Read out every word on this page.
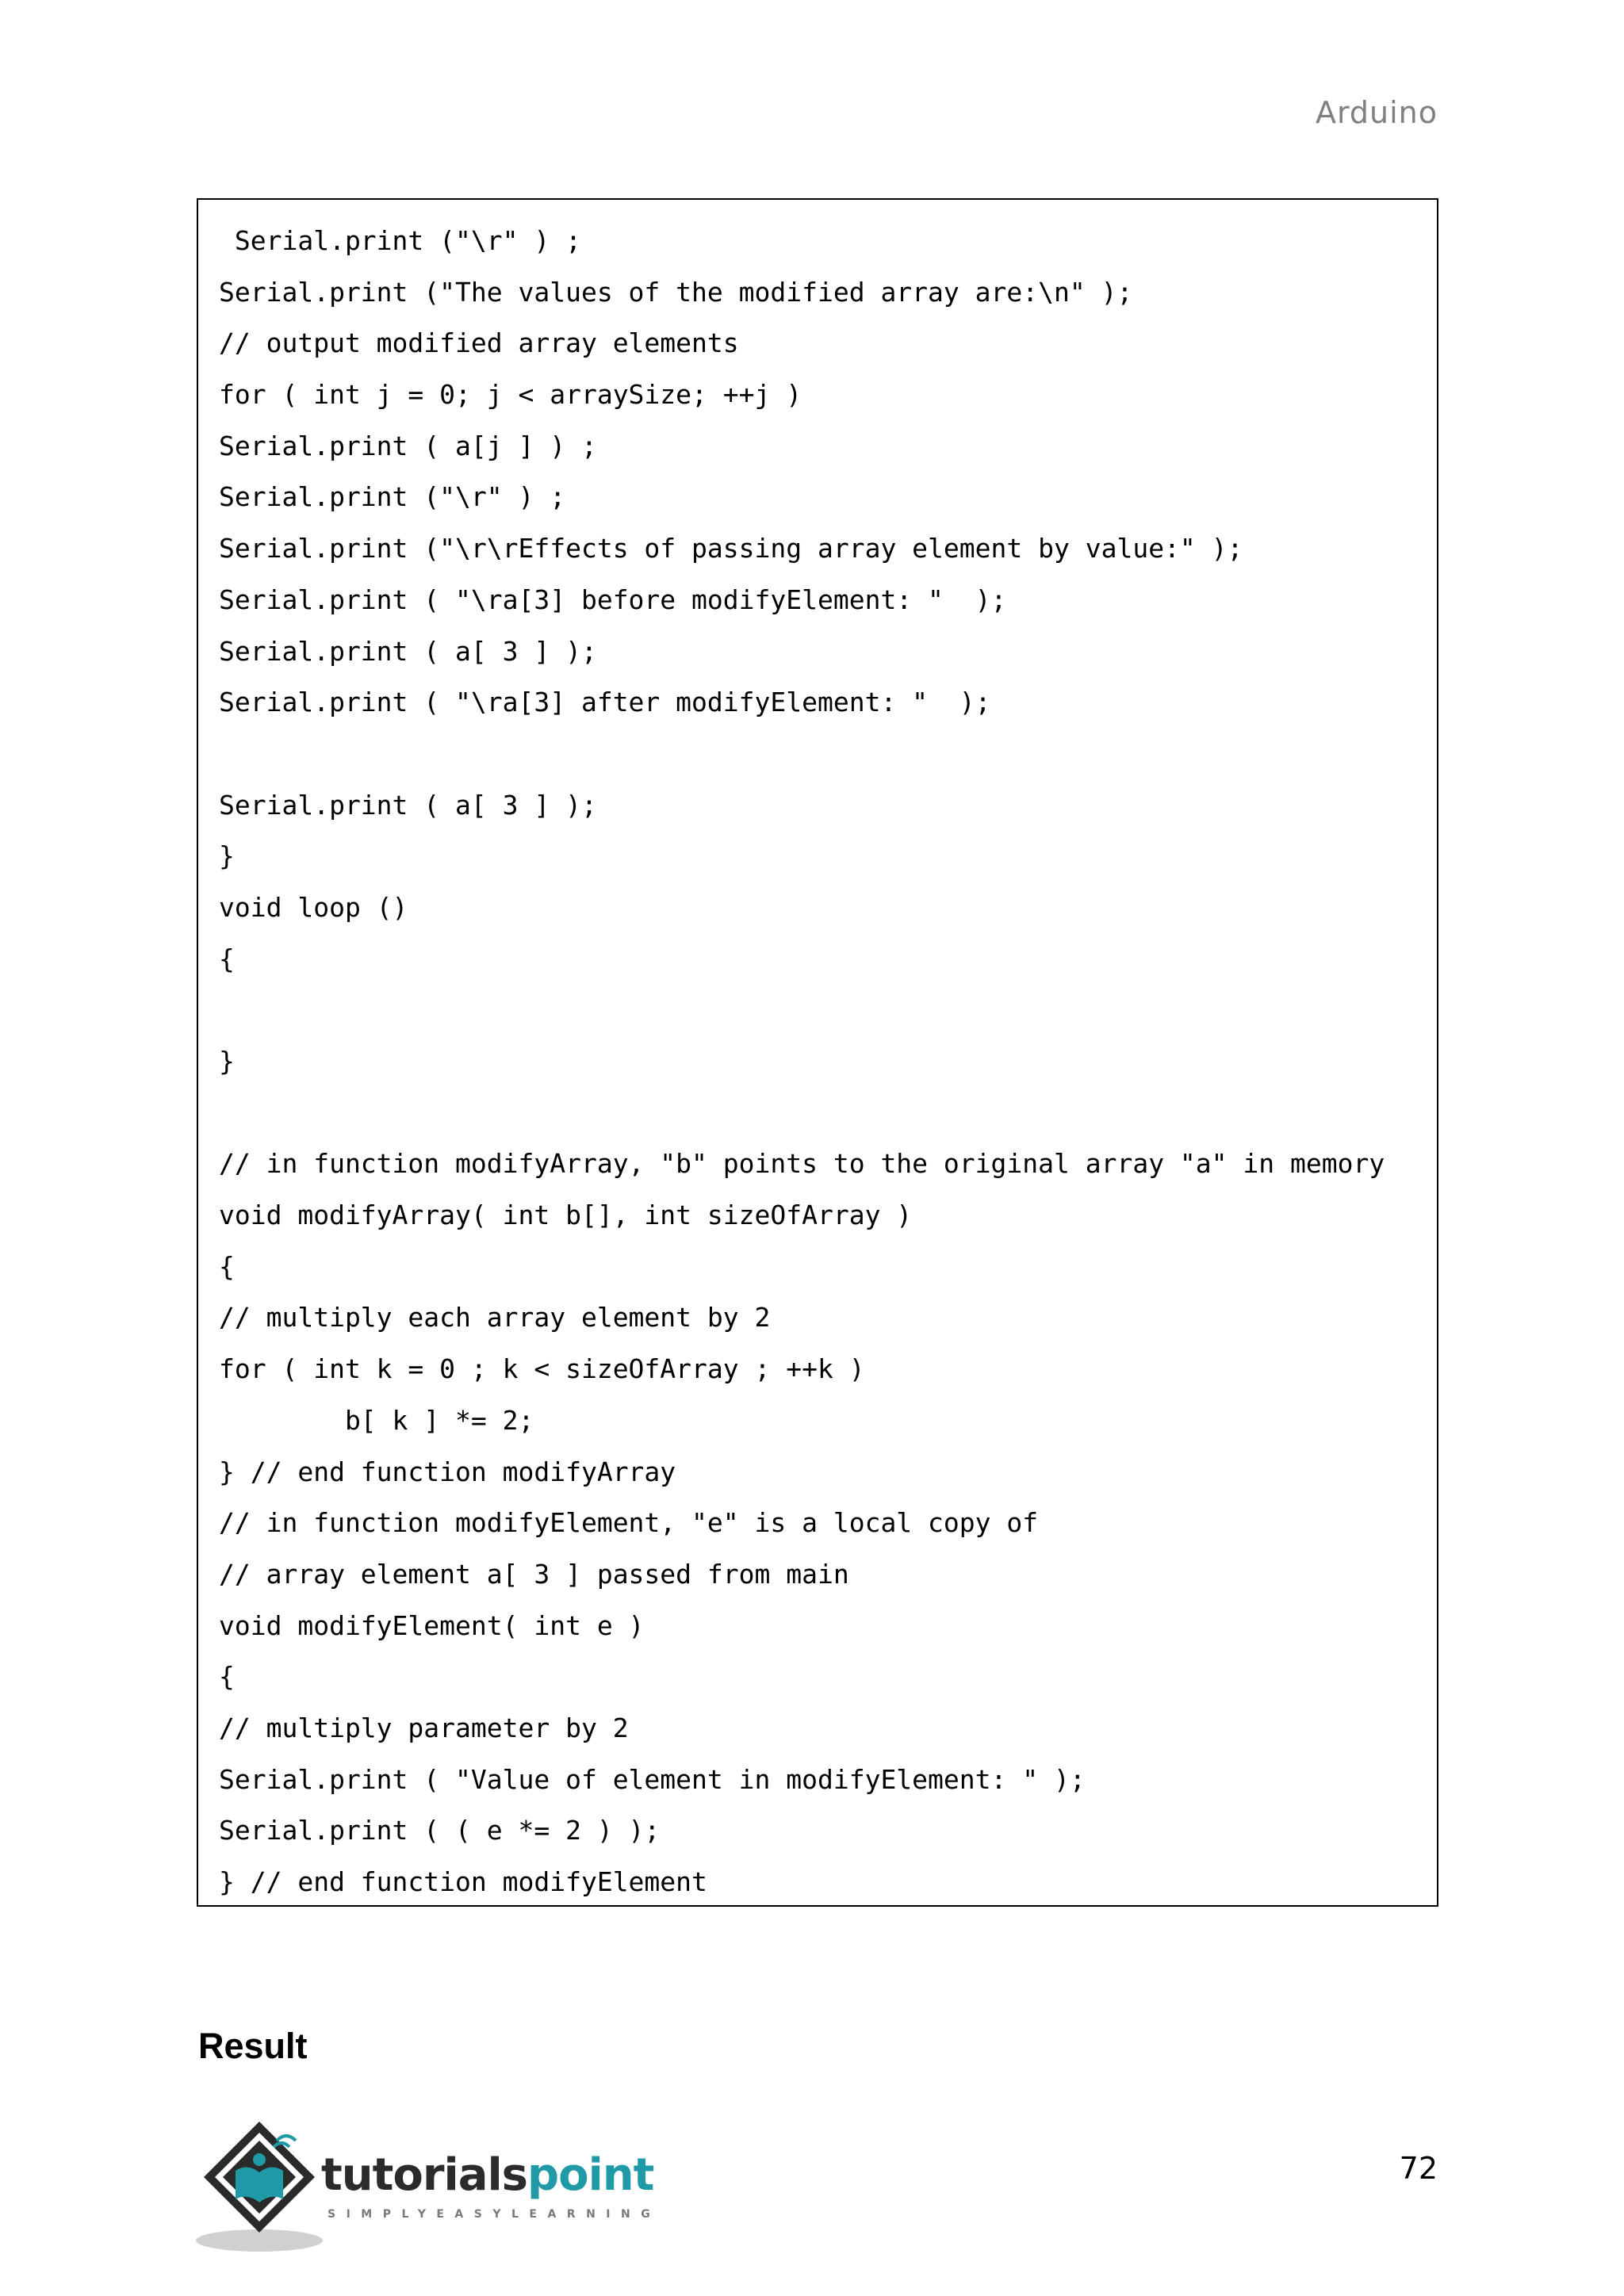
Arduino
Serial.print ("\r" ) ;
Serial.print ("The values of the modified array are:\n" );
// output modified array elements
for ( int j = 0; j < arraySize; ++j )
Serial.print ( a[j ] ) ;
Serial.print ("\r" ) ;
Serial.print ("\r\rEffects of passing array element by value:" );
Serial.print ( "\ra[3] before modifyElement: "  );
Serial.print ( a[ 3 ] );
Serial.print ( "\ra[3] after modifyElement: "  );
Serial.print ( a[ 3 ] );
}
void loop ()
{
}
// in function modifyArray, "b" points to the original array "a" in memory
void modifyArray( int b[], int sizeOfArray )
{
// multiply each array element by 2
for ( int k = 0 ; k < sizeOfArray ; ++k )
b[ k ] *= 2;
} // end function modifyArray
// in function modifyElement, "e" is a local copy of
// array element a[ 3 ] passed from main
void modifyElement( int e )
{
// multiply parameter by 2
Serial.print ( "Value of element in modifyElement: " );
Serial.print ( ( e *= 2 ) );
} // end function modifyElement
Result
tutorialspoint
SIMPLYEASYLEARNING
72
